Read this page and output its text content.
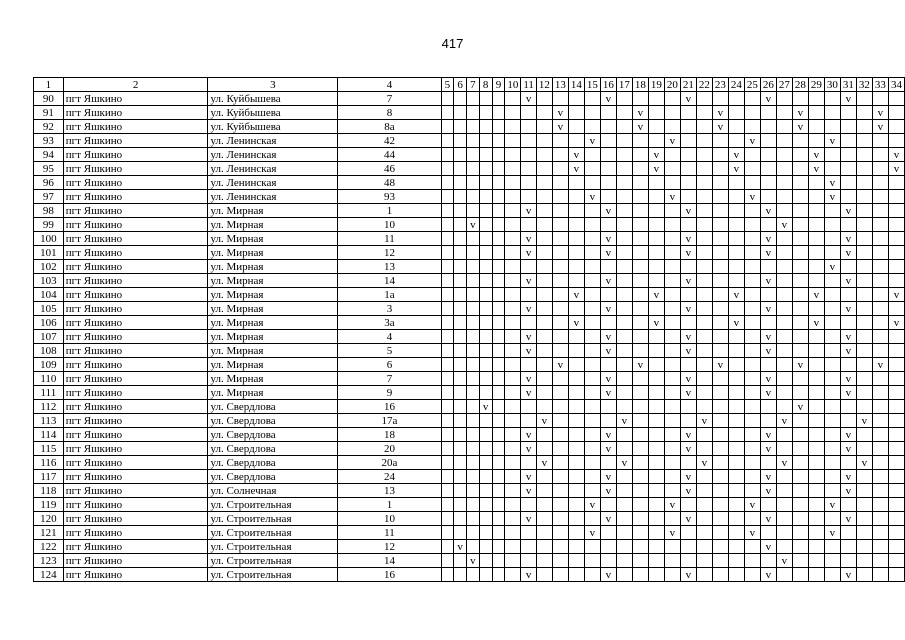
417
1	2	3	4	5	6	7	8	9	10	11	12	13	14	15	16	17	18	19	20	21	22	23	24	25	26	27	28	29	30	31	32	33	34
90	пгт Яшкино	ул. Куйбышева	7							v					v					v					v					v			
91	пгт Яшкино	ул. Куйбышева	8									v					v					v					v					v	
92	пгт Яшкино	ул. Куйбышева	8а									v					v					v					v					v	
93	пгт Яшкино	ул. Ленинская	42											v					v					v					v				
94	пгт Яшкино	ул. Ленинская	44										v					v					v					v					v
95	пгт Яшкино	ул. Ленинская	46										v					v					v					v					v
96	пгт Яшкино	ул. Ленинская	48																										v				
97	пгт Яшкино	ул. Ленинская	93											v					v					v					v				
98	пгт Яшкино	ул. Мирная	1							v					v					v					v					v			
99	пгт Яшкино	ул. Мирная	10			v																				v							
100	пгт Яшкино	ул. Мирная	11							v					v					v					v					v			
101	пгт Яшкино	ул. Мирная	12							v					v					v					v					v			
102	пгт Яшкино	ул. Мирная	13																										v				
103	пгт Яшкино	ул. Мирная	14							v					v					v					v					v			
104	пгт Яшкино	ул. Мирная	1а										v					v					v					v					v
105	пгт Яшкино	ул. Мирная	3							v					v					v					v					v			
106	пгт Яшкино	ул. Мирная	3а										v					v					v					v					v
107	пгт Яшкино	ул. Мирная	4							v					v					v					v					v			
108	пгт Яшкино	ул. Мирная	5							v					v					v					v					v			
109	пгт Яшкино	ул. Мирная	6									v					v					v					v					v	
110	пгт Яшкино	ул. Мирная	7							v					v					v					v					v			
111	пгт Яшкино	ул. Мирная	9							v					v					v					v					v			
112	пгт Яшкино	ул. Свердлова	16				v																				v						
113	пгт Яшкино	ул. Свердлова	17а								v					v					v					v					v		
114	пгт Яшкино	ул. Свердлова	18							v					v					v					v					v			
115	пгт Яшкино	ул. Свердлова	20							v					v					v					v					v			
116	пгт Яшкино	ул. Свердлова	20а								v					v					v					v					v		
117	пгт Яшкино	ул. Свердлова	24							v					v					v					v					v			
118	пгт Яшкино	ул. Солнечная	13							v					v					v					v					v			
119	пгт Яшкино	ул. Строительная	1											v					v					v					v				
120	пгт Яшкино	ул. Строительная	10							v					v					v					v					v			
121	пгт Яшкино	ул. Строительная	11											v					v					v					v				
122	пгт Яшкино	ул. Строительная	12		v																				v								
123	пгт Яшкино	ул. Строительная	14			v																				v							
124	пгт Яшкино	ул. Строительная	16							v					v					v					v					v			
